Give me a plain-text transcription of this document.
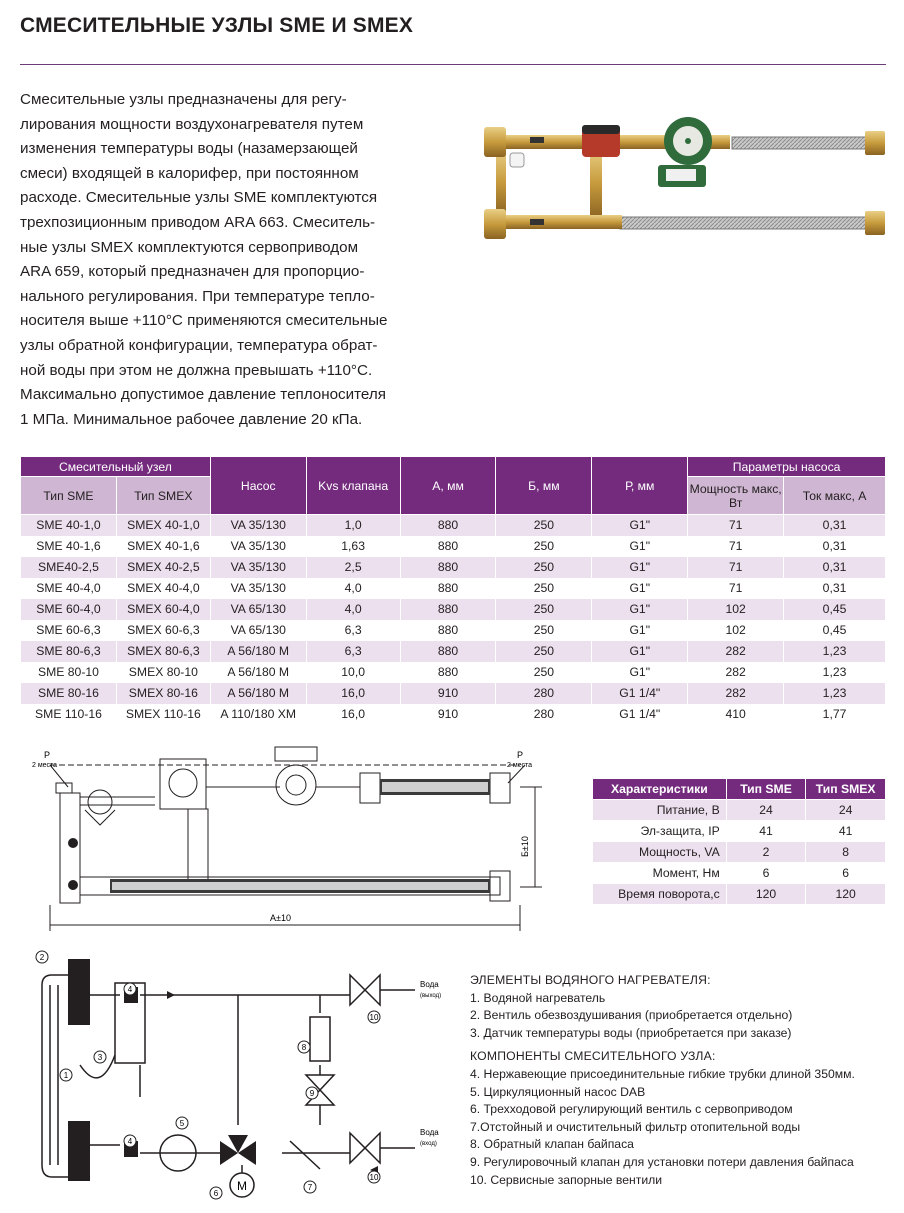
СМЕСИТЕЛЬНЫЕ УЗЛЫ SME И SMEX
Смесительные узлы предназначены для регу-
лирования мощности воздухонагревателя путем
изменения температуры воды (назамерзающей
смеси) входящей в калорифер, при постоянном
расходе. Смесительные узлы SME комплектуются
трехпозиционным приводом ARA 663. Смеситель-
ные узлы SMEX комплектуются сервоприводом
ARA 659, который предназначен для пропорцио-
нального регулирования. При температуре тепло-
носителя выше +110°С применяются смесительные
узлы обратной конфигурации, температура обрат-
ной воды при этом не должна превышать +110°С.
Максимально допустимое давление теплоносителя
1 МПа. Минимальное рабочее давление 20 кПа.
Смесительный узел		Насос	Kvs клапана	А, мм	Б, мм	Р, мм	Параметры насоса	
Тип SME	Тип SMEX						Мощность макс, Вт	Ток макс, А
SME 40-1,0	SMEX 40-1,0	VA 35/130	1,0	880	250	G1"	71	0,31
SME 40-1,6	SMEX 40-1,6	VA 35/130	1,63	880	250	G1"	71	0,31
SME40-2,5	SMEX 40-2,5	VA 35/130	2,5	880	250	G1"	71	0,31
SME 40-4,0	SMEX 40-4,0	VA 35/130	4,0	880	250	G1"	71	0,31
SME 60-4,0	SMEX 60-4,0	VA 65/130	4,0	880	250	G1"	102	0,45
SME 60-6,3	SMEX 60-6,3	VA 65/130	6,3	880	250	G1"	102	0,45
SME 80-6,3	SMEX 80-6,3	A 56/180 M	6,3	880	250	G1"	282	1,23
SME 80-10	SMEX 80-10	A 56/180 M	10,0	880	250	G1"	282	1,23
SME 80-16	SMEX 80-16	A 56/180 M	16,0	910	280	G1 1/4"	282	1,23
SME 110-16	SMEX 110-16	A 110/180 XM	16,0	910	280	G1 1/4"	410	1,77
P
2 места
P
2 места
A±10
Б±10
Характеристики	Тип SME	Тип SMEX
Питание, В	24	24
Эл-защита, IP	41	41
Мощность, VA	2	8
Момент, Нм	6	6
Время поворота,с	120	120
Вода
(выход)
Вода
(вход)
M
1
2
3
4
4
5
6
7
8
9
10
10
ЭЛЕМЕНТЫ ВОДЯНОГО НАГРЕВАТЕЛЯ:
1. Водяной нагреватель
2. Вентиль обезвоздушивания (приобретается отдельно)
3. Датчик температуры воды (приобретается при заказе)
КОМПОНЕНТЫ СМЕСИТЕЛЬНОГО УЗЛА:
4. Нержавеющие присоединительные гибкие трубки длиной 350мм.
5. Циркуляционный насос DAB
6. Трехходовой регулирующий вентиль с сервоприводом
7.Отстойный и очистительный фильтр отопительной воды
8. Обратный клапан байпаса
9. Регулировочный клапан для установки потери давления байпаса
10. Сервисные запорные вентили
